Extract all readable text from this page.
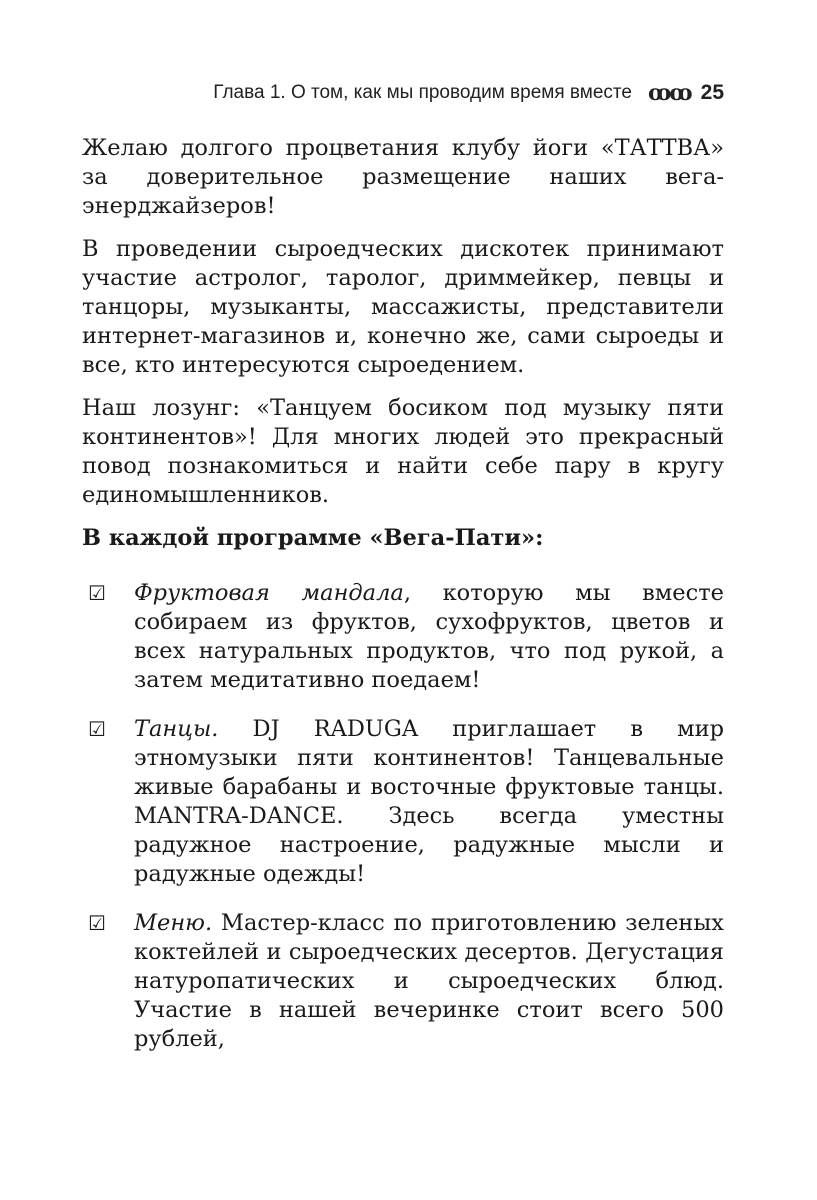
Глава 1. О том, как мы проводим время вместе ꝏꝏ 25

Желаю долгого процветания клубу йоги «ТАТТВА» за доверительное размещение наших вега-энерджайзеров!

В проведении сыроедческих дискотек принимают участие астролог, таролог, дриммейкер, певцы и танцоры, музыканты, массажисты, представители интернет-магазинов и, конечно же, сами сыроеды и все, кто интересуются сыроедением.

Наш лозунг: «Танцуем босиком под музыку пяти континентов»! Для многих людей это прекрасный повод познакомиться и найти себе пару в кругу единомышленников.

В каждой программе «Вега-Пати»:

☑	Фруктовая мандала, которую мы вместе собираем из фруктов, сухофруктов, цветов и всех натуральных продуктов, что под рукой, а затем медитативно поедаем!
☑	Танцы. DJ RADUGA приглашает в мир этномузыки пяти континентов! Танцевальные живые барабаны и восточные фруктовые танцы. MANTRA-DANCE. Здесь всегда уместны радужное настроение, радужные мысли и радужные одежды!
☑	Меню. Мастер-класс по приготовлению зеленых коктейлей и сыроедческих десертов. Дегустация натуропатических и сыроедческих блюд. Участие в нашей вечеринке стоит всего 500 рублей,
